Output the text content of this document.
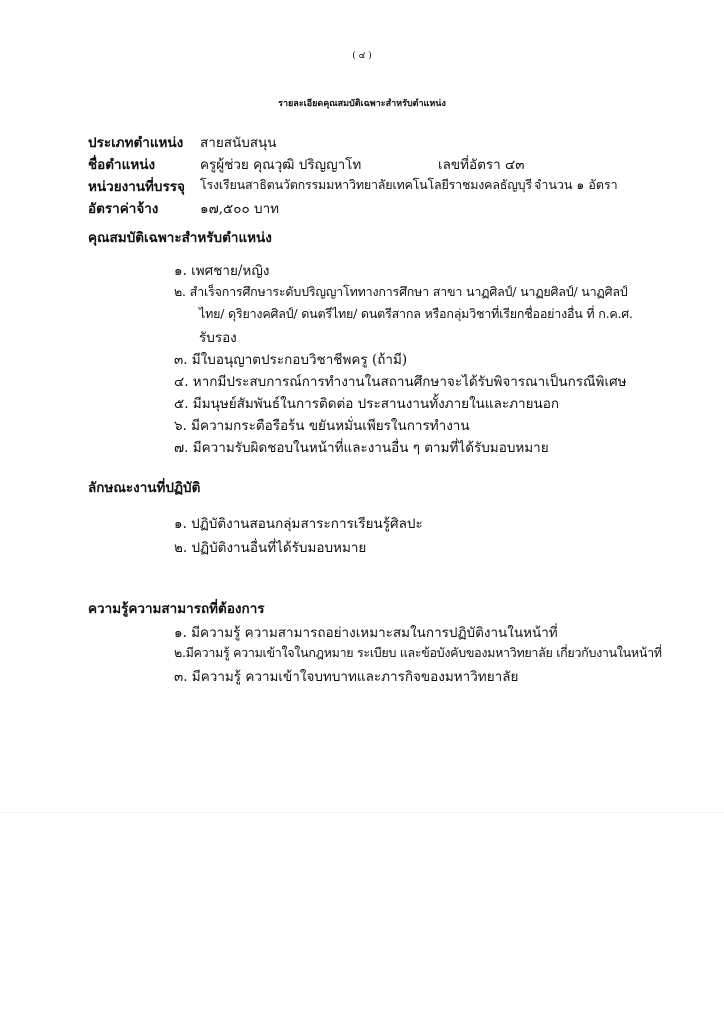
( ๔ )
รายละเอียดคุณสมบัติเฉพาะสำหรับตำแหน่ง
ประเภทตำแหน่ง สายสนับสนุน
ชื่อตำแหน่ง	ครูผู้ช่วย คุณวุฒิ ปริญญาโท	เลขที่อัตรา ๔๓
หน่วยงานที่บรรจุ โรงเรียนสาธิตนวัตกรรมมหาวิทยาลัยเทคโนโลยีราชมงคลธัญบุรี จำนวน ๑ อัตรา
อัตราค่าจ้าง	๑๗,๕๐๐ บาท
คุณสมบัติเฉพาะสำหรับตำแหน่ง
๑. เพศชาย/หญิง
๒. สำเร็จการศึกษาระดับปริญญาโททางการศึกษา สาขา นาฏศิลป์/ นาฏยศิลป์/ นาฏศิลป์
ไทย/ ดุริยางคศิลป์/ ดนตรีไทย/ ดนตรีสากล หรือกลุ่มวิชาที่เรียกชื่ออย่างอื่น ที่ ก.ค.ศ.
รับรอง
๓. มีใบอนุญาตประกอบวิชาชีพครู (ถ้ามี)
๔. หากมีประสบการณ์การทำงานในสถานศึกษาจะได้รับพิจารณาเป็นกรณีพิเศษ
๕. มีมนุษย์สัมพันธ์ในการติดต่อ ประสานงานทั้งภายในและภายนอก
๖. มีความกระตือรือร้น ขยันหมั่นเพียรในการทำงาน
๗. มีความรับผิดชอบในหน้าที่และงานอื่น ๆ ตามที่ได้รับมอบหมาย
ลักษณะงานที่ปฏิบัติ
๑. ปฏิบัติงานสอนกลุ่มสาระการเรียนรู้ศิลปะ
๒. ปฏิบัติงานอื่นที่ได้รับมอบหมาย
ความรู้ความสามารถที่ต้องการ
๑. มีความรู้ ความสามารถอย่างเหมาะสมในการปฏิบัติงานในหน้าที่
๒.มีความรู้ ความเข้าใจในกฎหมาย ระเบียบ และข้อบังคับของมหาวิทยาลัย เกี่ยวกับงานในหน้าที่
๓. มีความรู้ ความเข้าใจบทบาทและภารกิจของมหาวิทยาลัย
